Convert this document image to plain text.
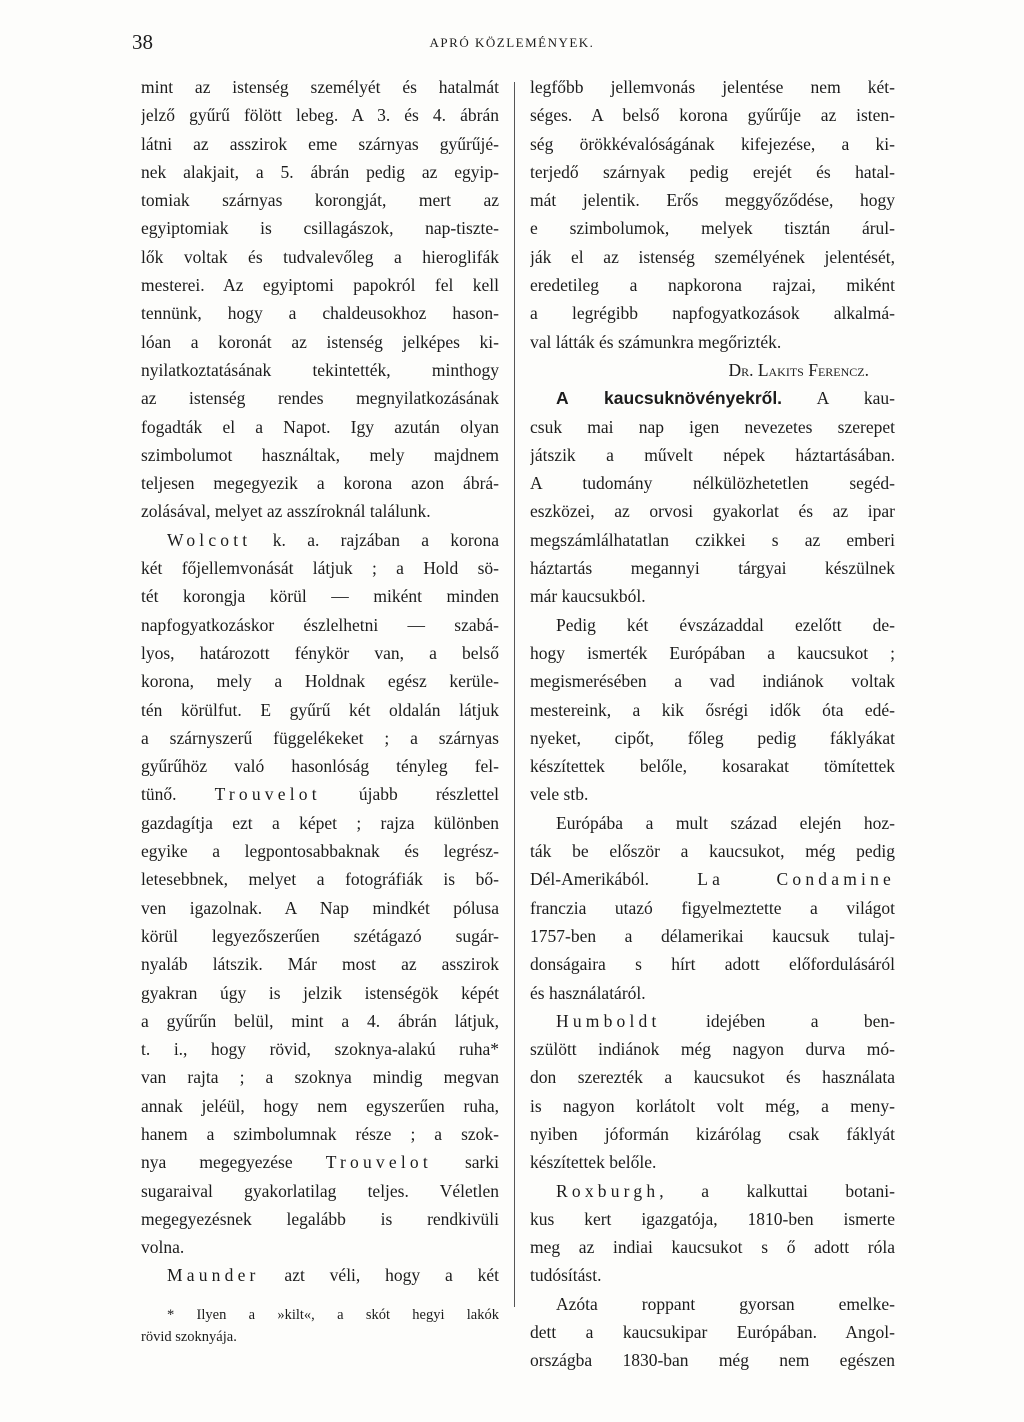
38	APRÓ KÖZLEMÉNYEK.
mint az istenség személyét és hatalmát
jelző gyűrű fölött lebeg. A 3. és 4. ábrán
látni az asszirok eme szárnyas gyűrűjé-
nek alakjait, a 5. ábrán pedig az egyip-
tomiak szárnyas korongját, mert az
egyiptomiak is csillagászok, nap-tiszte-
lők voltak és tudvalevőleg a hieroglifák
mesterei. Az egyiptomi papokról fel kell
tennünk, hogy a chaldeusokhoz hason-
lóan a koronát az istenség jelképes ki-
nyilatkoztatásának tekintették, minthogy
az istenség rendes megnyilatkozásának
fogadták el a Napot. Igy azután olyan
szimbolumot használtak, mely majdnem
teljesen megegyezik a korona azon ábrá-
zolásával, melyet az asszíroknál találunk.
Wolcott k. a. rajzában a korona
két főjellemvonását látjuk ; a Hold sö-
tét korongja körül — miként minden
napfogyatkozáskor észlelhetni — szabá-
lyos, határozott fénykör van, a belső
korona, mely a Holdnak egész kerüle-
tén körülfut. E gyűrű két oldalán látjuk
a szárnyszerű függelékeket ; a szárnyas
gyűrűhöz való hasonlóság tényleg fel-
tünő. Trouvelot újabb részlettel
gazdagítja ezt a képet ; rajza különben
egyike a legpontosabbaknak és legrész-
letesebbnek, melyet a fotográfiák is bő-
ven igazolnak. A Nap mindkét pólusa
körül legyezőszerűen szétágazó sugár-
nyaláb látszik. Már most az asszirok
gyakran úgy is jelzik istenségök képét
a gyűrűn belül, mint a 4. ábrán látjuk,
t. i., hogy rövid, szoknya-alakú ruha*
van rajta ; a szoknya mindig megvan
annak jeléül, hogy nem egyszerűen ruha,
hanem a szimbolumnak része ; a szok-
nya megegyezése Trouvelot sarki
sugaraival gyakorlatilag teljes. Véletlen
megegyezésnek legalább is rendkivüli
volna.
Maunder azt véli, hogy a két
* Ilyen a »kilt«, a skót hegyi lakók
rövid szoknyája.
legfőbb jellemvonás jelentése nem két-
séges. A belső korona gyűrűje az isten-
ség örökkévalóságának kifejezése, a ki-
terjedő szárnyak pedig erejét és hatal-
mát jelentik. Erős meggyőződése, hogy
e szimbolumok, melyek tisztán árul-
ják el az istenség személyének jelentését,
eredetileg a napkorona rajzai, miként
a legrégibb napfogyatkozások alkalmá-
val látták és számunkra megőrizték.
Dr. Lakits Ferencz.
A kaucsuknövényekről. A kau-
csuk mai nap igen nevezetes szerepet
játszik a művelt népek háztartásában.
A tudomány nélkülözhetetlen segéd-
eszközei, az orvosi gyakorlat és az ipar
megszámlálhatatlan czikkei s az emberi
háztartás megannyi tárgyai készülnek
már kaucsukból.
Pedig két évszázaddal ezelőtt de-
hogy ismerték Európában a kaucsukot ;
megismerésében a vad indiánok voltak
mestereink, a kik ősrégi idők óta edé-
nyeket, cipőt, főleg pedig fáklyákat
készítettek belőle, kosarakat tömítettek
vele stb.
Európába a mult század elején hoz-
ták be először a kaucsukot, még pedig
Dél-Amerikából. La Condamine
franczia utazó figyelmeztette a világot
1757-ben a délamerikai kaucsuk tulaj-
donságaira s hírt adott előfordulásáról
és használatáról.
Humboldt idejében a ben-
szülött indiánok még nagyon durva mó-
don szerezték a kaucsukot és használata
is nagyon korlátolt volt még, a meny-
nyiben jóformán kizárólag csak fáklyát
készítettek belőle.
Roxburgh, a kalkuttai botani-
kus kert igazgatója, 1810-ben ismerte
meg az indiai kaucsukot s ő adott róla
tudósítást.
Azóta roppant gyorsan emelke-
dett a kaucsukipar Európában. Angol-
országba 1830-ban még nem egészen
